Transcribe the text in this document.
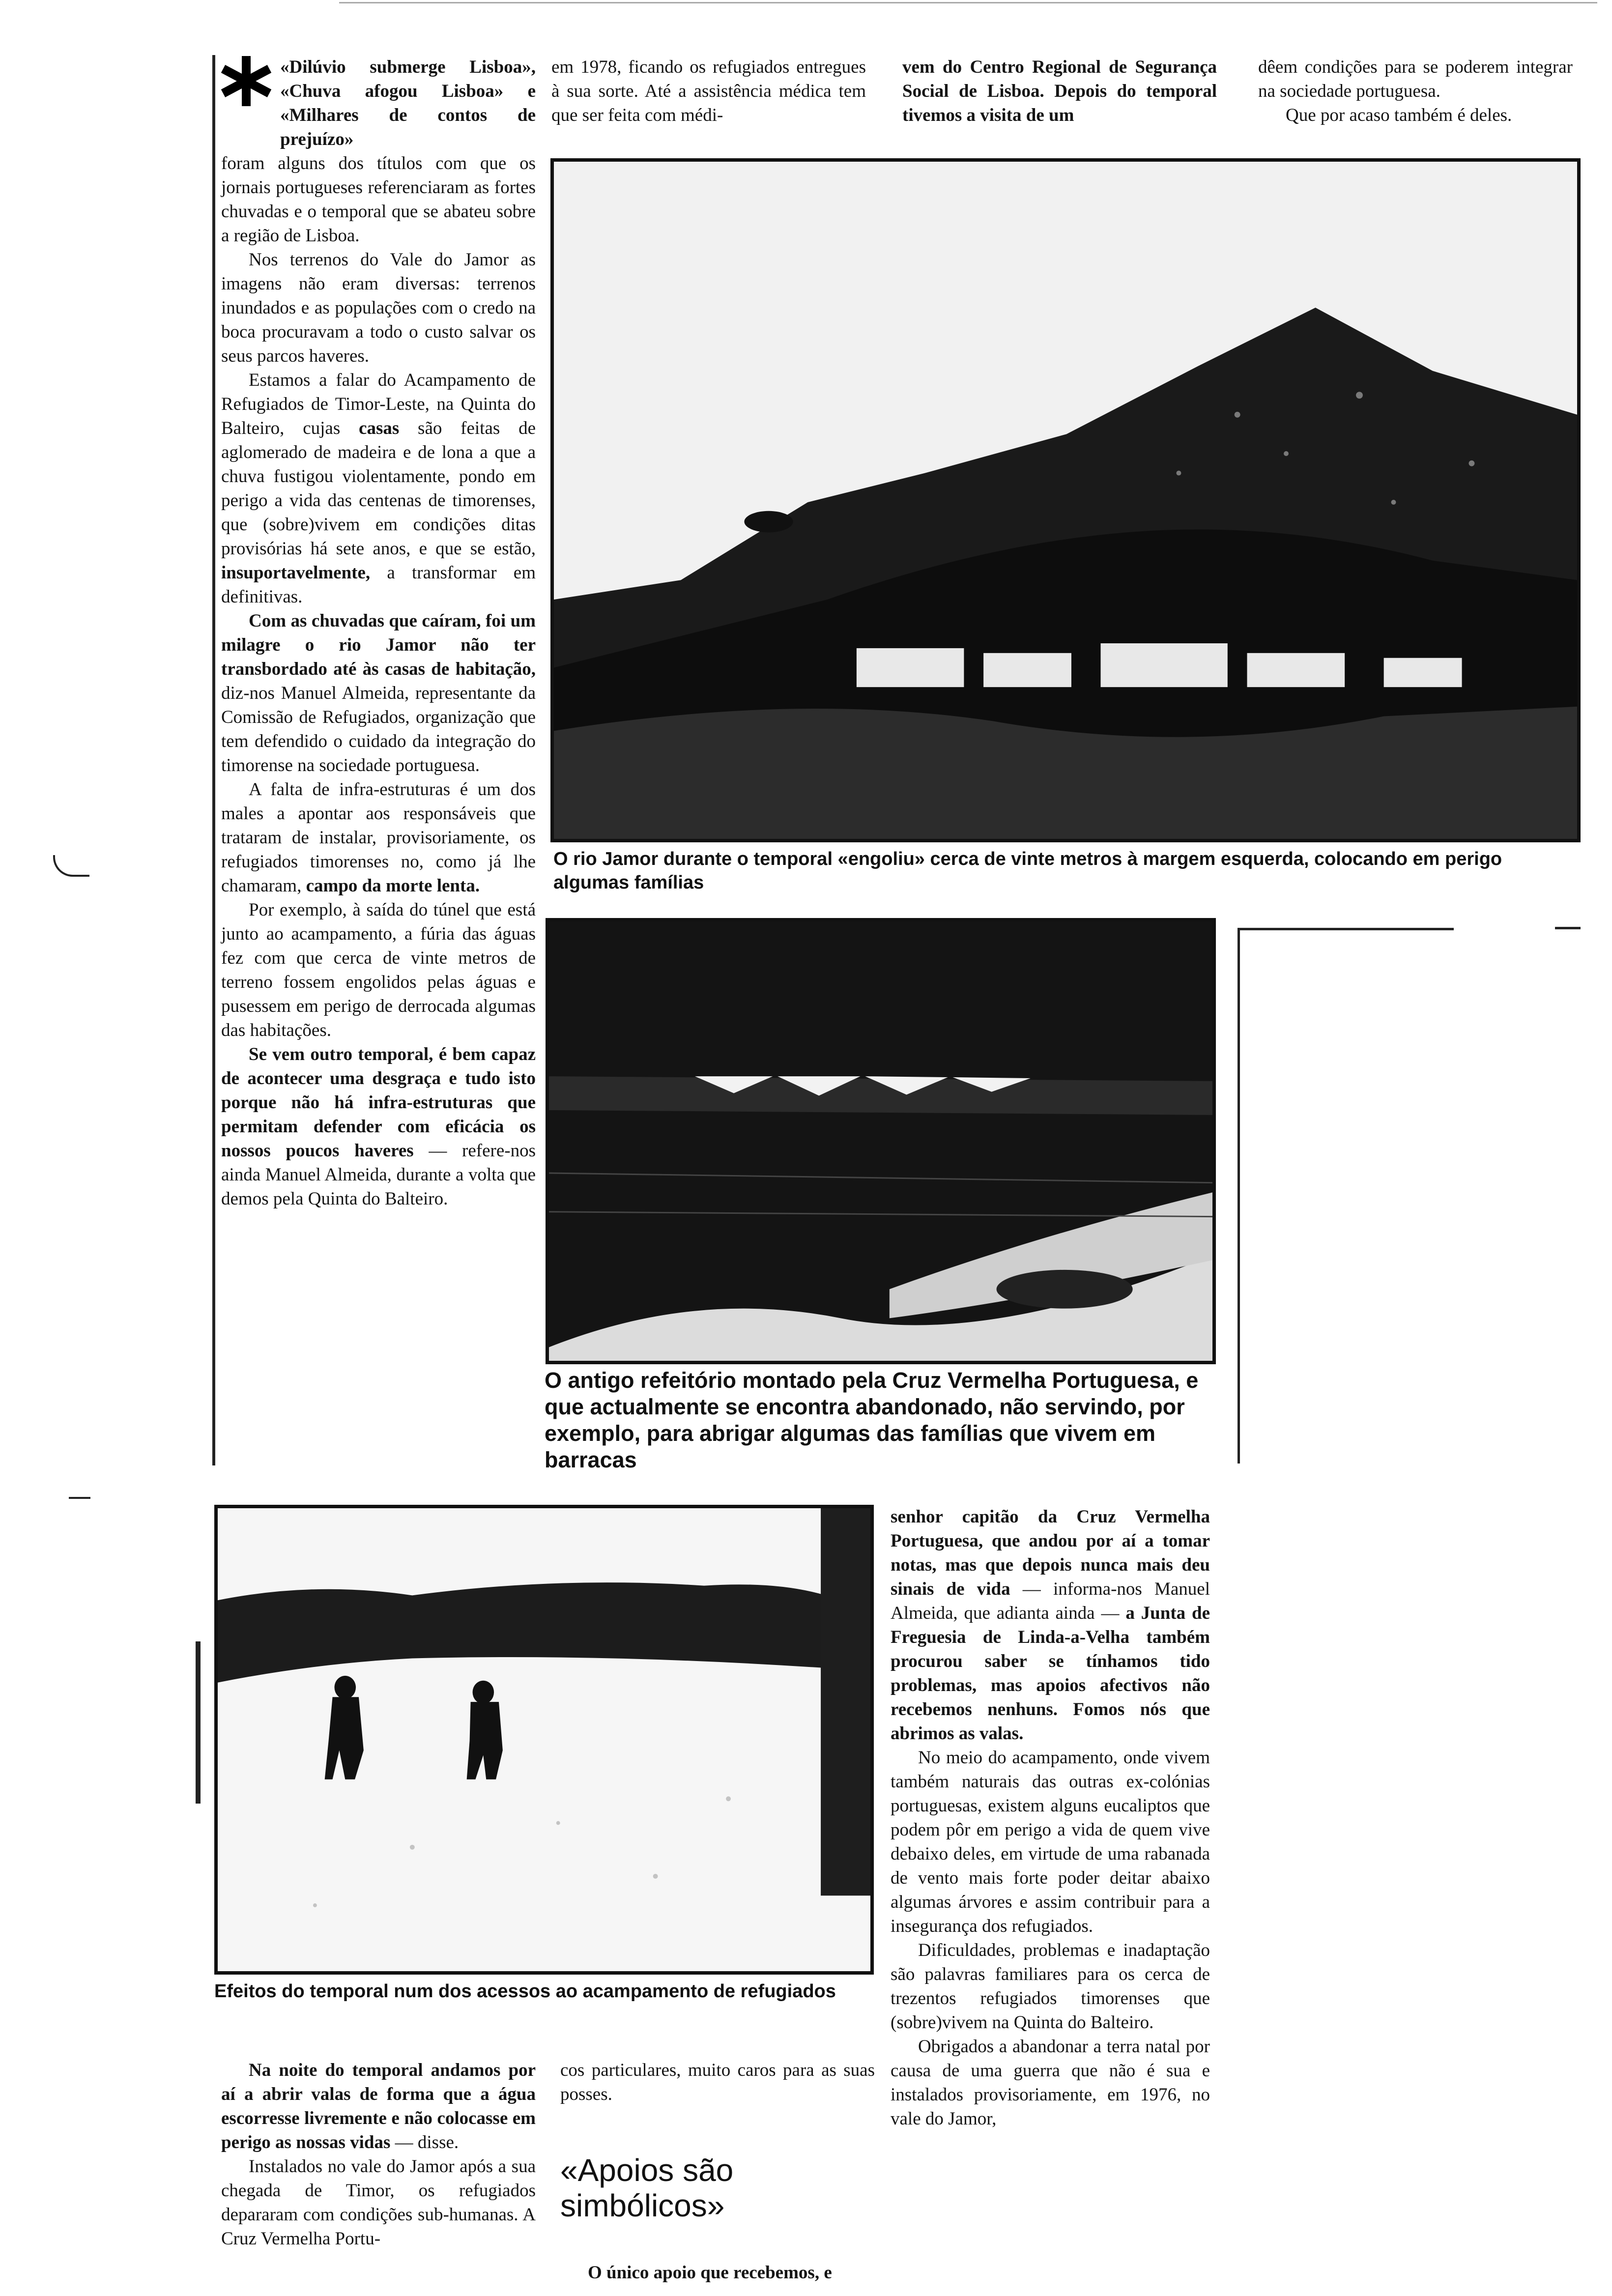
«Dilúvio submerge Lisboa», «Chuva afogou Lisboa» e «Milhares de contos de prejuízo»

foram alguns dos títulos com que os jornais portugueses referenciaram as fortes chuvadas e o temporal que se abateu sobre a região de Lisboa.

Nos terrenos do Vale do Jamor as imagens não eram diversas: terrenos inundados e as populações com o credo na boca procuravam a todo o custo salvar os seus parcos haveres.

Estamos a falar do Acampamento de Refugiados de Timor-Leste, na Quinta do Balteiro, cujas casas são feitas de aglomerado de madeira e de lona a que a chuva fustigou violentamente, pondo em perigo a vida das centenas de timorenses, que (sobre)vivem em condições ditas provisórias há sete anos, e que se estão, insuportavelmente, a transformar em definitivas.

Com as chuvadas que caíram, foi um milagre o rio Jamor não ter transbordado até às casas de habitação, diz-nos Manuel Almeida, representante da Comissão de Refugiados, organização que tem defendido o cuidado da integração do timorense na sociedade portuguesa.

A falta de infra-estruturas é um dos males a apontar aos responsáveis que trataram de instalar, provisoriamente, os refugiados timorenses no, como já lhe chamaram, campo da morte lenta.

Por exemplo, à saída do túnel que está junto ao acampamento, a fúria das águas fez com que cerca de vinte metros de terreno fossem engolidos pelas águas e pusessem em perigo de derrocada algumas das habitações.

Se vem outro temporal, é bem capaz de acontecer uma desgraça e tudo isto porque não há infra-estruturas que permitam defender com eficácia os nossos poucos haveres — refere-nos ainda Manuel Almeida, durante a volta que demos pela Quinta do Balteiro.

em 1978, ficando os refugiados entregues à sua sorte. Até a assistência médica tem que ser feita com médi-

vem do Centro Regional de Segurança Social de Lisboa. Depois do temporal tivemos a visita de um

dêem condições para se poderem integrar na sociedade portuguesa.

Que por acaso também é deles.

O rio Jamor durante o temporal «engoliu» cerca de vinte metros à margem esquerda, colocando em perigo algumas famílias
O antigo refeitório montado pela Cruz Vermelha Portuguesa, e que actualmente se encontra abandonado, não servindo, por exemplo, para abrigar algumas das famílias que vivem em barracas
Efeitos do temporal num dos acessos ao acampamento de refugiados

senhor capitão da Cruz Vermelha Portuguesa, que andou por aí a tomar notas, mas que depois nunca mais deu sinais de vida — informa-nos Manuel Almeida, que adianta ainda — a Junta de Freguesia de Linda-a-Velha também procurou saber se tínhamos tido problemas, mas apoios afectivos não recebemos nenhuns. Fomos nós que abrimos as valas.

No meio do acampamento, onde vivem também naturais das outras ex-colónias portuguesas, existem alguns eucaliptos que podem pôr em perigo a vida de quem vive debaixo deles, em virtude de uma rabanada de vento mais forte poder deitar abaixo algumas árvores e assim contribuir para a insegurança dos refugiados.

Dificuldades, problemas e inadaptação são palavras familiares para os cerca de trezentos refugiados timorenses que (sobre)vivem na Quinta do Balteiro.

Obrigados a abandonar a terra natal por causa de uma guerra que não é sua e instalados provisoriamente, em 1976, no vale do Jamor,

Na noite do temporal andamos por aí a abrir valas de forma que a água escorresse livremente e não colocasse em perigo as nossas vidas — disse.

Instalados no vale do Jamor após a sua chegada de Timor, os refugiados depararam com condições sub-humanas. A Cruz Vermelha Portu-

cos particulares, muito caros para as suas posses.

«Apoios são simbólicos»

O único apoio que recebemos, e
